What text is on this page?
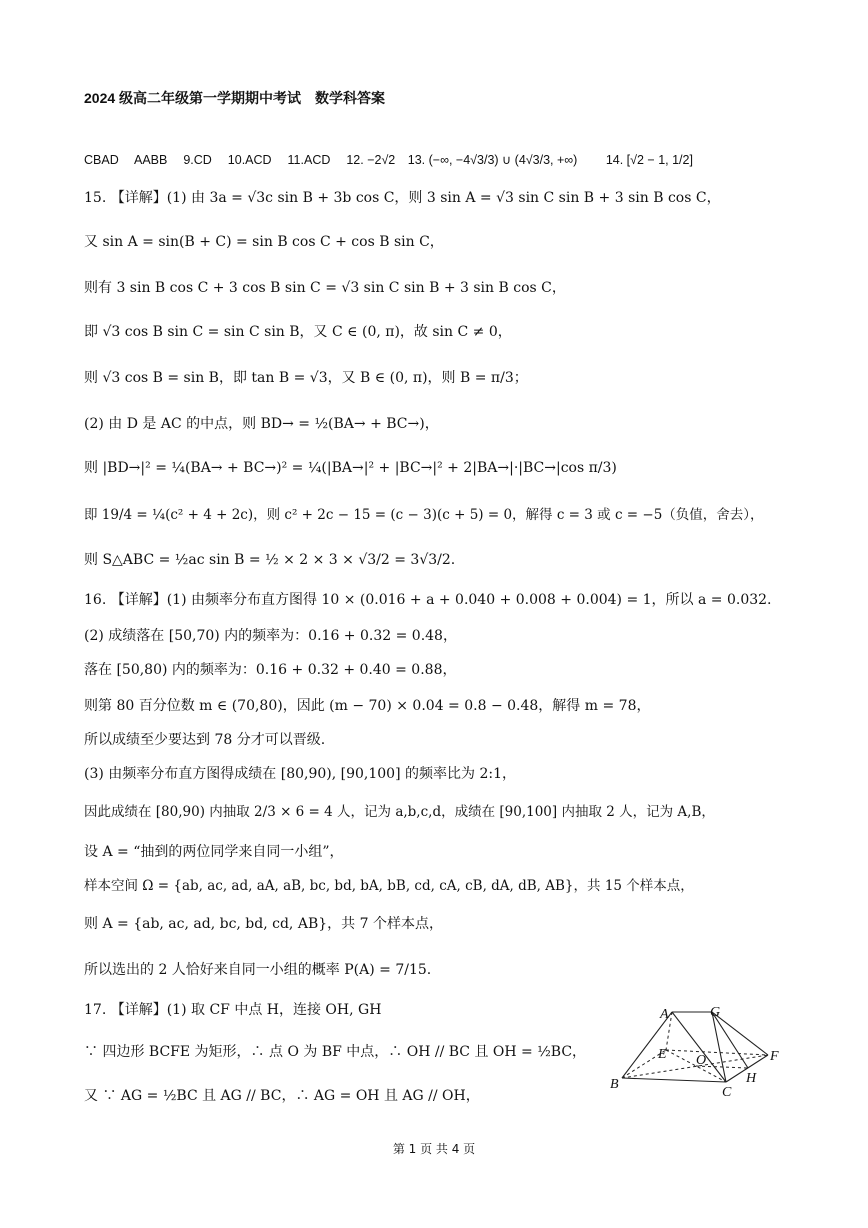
2024 级高二年级第一学期期中考试　数学科答案
CBAD　 AABB　 9.CD　 10.ACD　 11.ACD　 12. −2√2　13. (−∞, −4√3/3) ∪ (4√3/3, +∞)　　 14. [√2 − 1, 1/2]
15. 【详解】(1) 由 3a = √3c sin B + 3b cos C，则 3 sin A = √3 sin C sin B + 3 sin B cos C，
又 sin A = sin(B + C) = sin B cos C + cos B sin C，
则有 3 sin B cos C + 3 cos B sin C = √3 sin C sin B + 3 sin B cos C，
即 √3 cos B sin C = sin C sin B，又 C ∈ (0, π)，故 sin C ≠ 0，
则 √3 cos B = sin B，即 tan B = √3，又 B ∈ (0, π)，则 B = π/3；
(2) 由 D 是 AC 的中点，则 BD→ = ½(BA→ + BC→)，
则 |BD→|² = ¼(BA→ + BC→)² = ¼(|BA→|² + |BC→|² + 2|BA→|·|BC→|cos π/3)
即 19/4 = ¼(c² + 4 + 2c)，则 c² + 2c − 15 = (c − 3)(c + 5) = 0，解得 c = 3 或 c = −5（负值，舍去），
则 S△ABC = ½ac sin B = ½ × 2 × 3 × √3/2 = 3√3/2.
16. 【详解】(1) 由频率分布直方图得 10 × (0.016 + a + 0.040 + 0.008 + 0.004) = 1，所以 a = 0.032.
(2) 成绩落在 [50,70) 内的频率为：0.16 + 0.32 = 0.48，
落在 [50,80) 内的频率为：0.16 + 0.32 + 0.40 = 0.88，
则第 80 百分位数 m ∈ (70,80)，因此 (m − 70) × 0.04 = 0.8 − 0.48，解得 m = 78，
所以成绩至少要达到 78 分才可以晋级.
(3) 由频率分布直方图得成绩在 [80,90), [90,100] 的频率比为 2:1，
因此成绩在 [80,90) 内抽取 2/3 × 6 = 4 人，记为 a,b,c,d，成绩在 [90,100] 内抽取 2 人，记为 A,B，
设 A = “抽到的两位同学来自同一小组”，
样本空间 Ω = {ab, ac, ad, aA, aB, bc, bd, bA, bB, cd, cA, cB, dA, dB, AB}，共 15 个样本点，
则 A = {ab, ac, ad, bc, bd, cd, AB}，共 7 个样本点，
所以选出的 2 人恰好来自同一小组的概率 P(A) = 7/15.
17. 【详解】(1) 取 CF 中点 H，连接 OH, GH
∵ 四边形 BCFE 为矩形，∴ 点 O 为 BF 中点，∴ OH // BC 且 OH = ½BC，
又 ∵ AG = ½BC 且 AG // BC，∴ AG = OH 且 AG // OH，
A	G
E O	F
B
C
H
第 1 页 共 4 页
